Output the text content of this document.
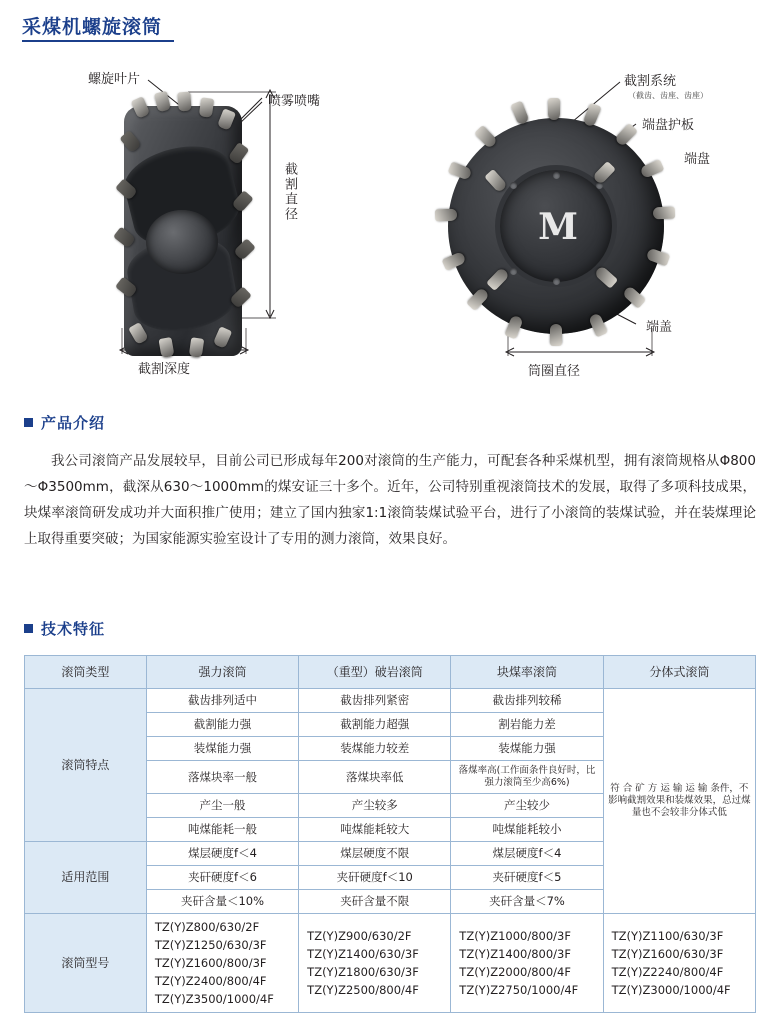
采煤机螺旋滚筒
M
螺旋叶片
喷雾喷嘴
截割直径
截割深度
截割系统
（截齿、齿座、齿座）
端盘护板
端盘
端盖
筒圈直径
产品介绍
我公司滚筒产品发展较早，目前公司已形成每年200对滚筒的生产能力，可配套各种采煤机型，拥有滚筒规格从Φ800～Φ3500mm，截深从630～1000mm的煤安证三十多个。近年，公司特别重视滚筒技术的发展，取得了多项科技成果，块煤率滚筒研发成功并大面积推广使用；建立了国内独家1:1滚筒装煤试验平台，进行了小滚筒的装煤试验，并在装煤理论上取得重要突破；为国家能源实验室设计了专用的测力滚筒，效果良好。
技术特征
滚筒类型	强力滚筒	（重型）破岩滚筒	块煤率滚筒	分体式滚筒
滚筒特点	截齿排列适中	截齿排列紧密	截齿排列较稀	符 合 矿 方 运 输 运 输 条件，不影响截割效果和装煤效果，总过煤量也不会较非分体式低
	截割能力强	截割能力超强	割岩能力差	
	装煤能力强	装煤能力较差	装煤能力强	
	落煤块率一般	落煤块率低	落煤率高(工作面条件良好时，比强力滚筒至少高6%)	
	产尘一般	产尘较多	产尘较少	
	吨煤能耗一般	吨煤能耗较大	吨煤能耗较小	
适用范围	煤层硬度f＜4	煤层硬度不限	煤层硬度f＜4	
	夹矸硬度f＜6	夹矸硬度f＜10	夹矸硬度f＜5	
	夹矸含量＜10%	夹矸含量不限	夹矸含量＜7%	
滚筒型号	TZ(Y)Z800/630/2F
TZ(Y)Z1250/630/3F
TZ(Y)Z1600/800/3F
TZ(Y)Z2400/800/4F
TZ(Y)Z3500/1000/4F	TZ(Y)Z900/630/2F
TZ(Y)Z1400/630/3F
TZ(Y)Z1800/630/3F
TZ(Y)Z2500/800/4F	TZ(Y)Z1000/800/3F
TZ(Y)Z1400/800/3F
TZ(Y)Z2000/800/4F
TZ(Y)Z2750/1000/4F	TZ(Y)Z1100/630/3F
TZ(Y)Z1600/630/3F
TZ(Y)Z2240/800/4F
TZ(Y)Z3000/1000/4F
